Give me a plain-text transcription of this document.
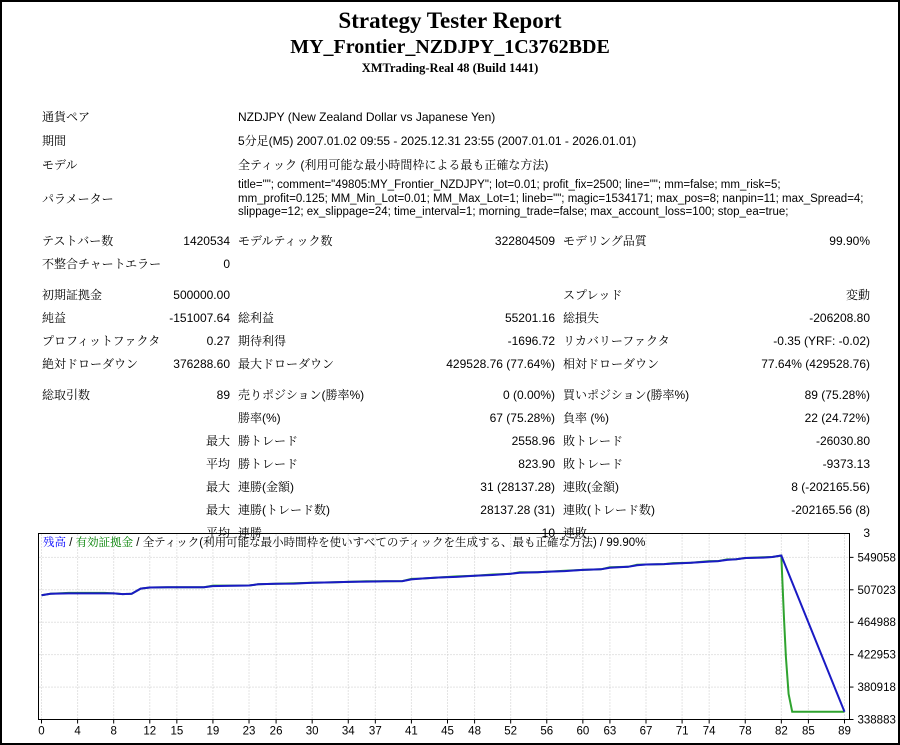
Strategy Tester Report
MY_Frontier_NZDJPY_1C3762BDE
XMTrading-Real 48 (Build 1441)
通貨ペア	NZDJPY (New Zealand Dollar vs Japanese Yen)
期間	5分足(M5) 2007.01.02 09:55 - 2025.12.31 23:55 (2007.01.01 - 2026.01.01)
モデル	全ティック (利用可能な最小時間枠による最も正確な方法)
パラメーター
title=""; comment="49805:MY_Frontier_NZDJPY"; lot=0.01; profit_fix=2500; line=""; mm=false; mm_risk=5; mm_profit=0.125; MM_Min_Lot=0.01; MM_Max_Lot=1; lineb=""; magic=1534171; max_pos=8; nanpin=11; max_Spread=4; slippage=12; ex_slippage=24; time_interval=1; morning_trade=false; max_account_loss=100; stop_ea=true;
テストバー数	1420534 モデルティック数	322804509 モデリング品質	99.90%
不整合チャートエラー	0
初期証拠金	500000.00	スプレッド	変動
純益	-151007.64 総利益	55201.16 総損失	-206208.80
プロフィットファクタ	0.27 期待利得	-1696.72 リカバリーファクタ	-0.35 (YRF: -0.02)
絶対ドローダウン	376288.60 最大ドローダウン	429528.76 (77.64%) 相対ドローダウン	77.64% (429528.76)
総取引数	89 売りポジション(勝率%)	0 (0.00%) 買いポジション(勝率%)	89 (75.28%)
勝率(%)	67 (75.28%) 負率 (%)	22 (24.72%)
最大 勝トレード	2558.96 敗トレード	-26030.80
平均 勝トレード	823.90 敗トレード	-9373.13
最大 連勝(金額)	31 (28137.28) 連敗(金額)	8 (-202165.56)
最大 連勝(トレード数)	28137.28 (31) 連敗(トレード数)	-202165.56 (8)
平均 連勝	10 連敗	3
残高 / 有効証拠金 / 全ティック(利用可能な最小時間枠を使いすべてのティックを生成する、最も正確な方法) / 99.90%
0	4	8 12 15 19 23 26 30 34 37 41 45 48 52 56 60 63 67 71 74 78 82 85 89
549058
507023
464988
422953
380918
338883
